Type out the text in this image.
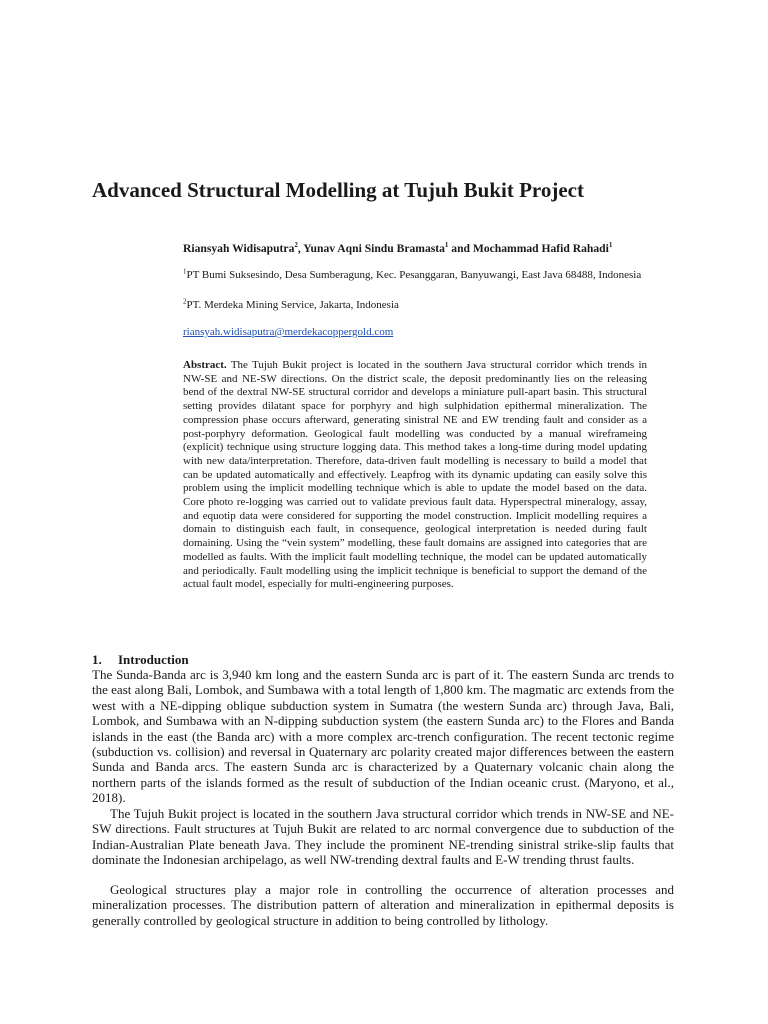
Advanced Structural Modelling at Tujuh Bukit Project
Riansyah Widisaputra$^2$, Yunav Aqni Sindu Bramasta$^1$ and Mochammad Hafid Rahadi$^1$
$^1$PT Bumi Suksesindo, Desa Sumberagung, Kec. Pesanggaran, Banyuwangi, East Java 68488, Indonesia
$^2$PT. Merdeka Mining Service, Jakarta, Indonesia
riansyah.widisaputra@merdekacoppergold.com

Abstract. The Tujuh Bukit project is located in the southern Java structural corridor which trends in NW-SE and NE-SW directions. On the district scale, the deposit predominantly lies on the releasing bend of the dextral NW-SE structural corridor and develops a miniature pull-apart basin. This structural setting provides dilatant space for porphyry and high sulphidation epithermal mineralization. The compression phase occurs afterward, generating sinistral NE and EW trending fault and consider as a post-porphyry deformation. Geological fault modelling was conducted by a manual wireframeing (explicit) technique using structure logging data. This method takes a long-time during model updating with new data/interpretation. Therefore, data-driven fault modelling is necessary to build a model that can be updated automatically and effectively. Leapfrog with its dynamic updating can easily solve this problem using the implicit modelling technique which is able to update the model based on the data. Core photo re-logging was carried out to validate previous fault data. Hyperspectral mineralogy, assay, and equotip data were considered for supporting the model construction. Implicit modelling requires a domain to distinguish each fault, in consequence, geological interpretation is needed during fault domaining. Using the “vein system” modelling, these fault domains are assigned into categories that are modelled as faults. With the implicit fault modelling technique, the model can be updated automatically and periodically. Fault modelling using the implicit technique is beneficial to support the demand of the actual fault model, especially for multi-engineering purposes.

1. Introduction

The Sunda-Banda arc is 3,940 km long and the eastern Sunda arc is part of it. The eastern Sunda arc trends to the east along Bali, Lombok, and Sumbawa with a total length of 1,800 km. The magmatic arc extends from the west with a NE-dipping oblique subduction system in Sumatra (the western Sunda arc) through Java, Bali, Lombok, and Sumbawa with an N-dipping subduction system (the eastern Sunda arc) to the Flores and Banda islands in the east (the Banda arc) with a more complex arc-trench configuration. The recent tectonic regime (subduction vs. collision) and reversal in Quaternary arc polarity created major differences between the eastern Sunda and Banda arcs. The eastern Sunda arc is characterized by a Quaternary volcanic chain along the northern parts of the islands formed as the result of subduction of the Indian oceanic crust. (Maryono, et al., 2018).

The Tujuh Bukit project is located in the southern Java structural corridor which trends in NW-SE and NE-SW directions. Fault structures at Tujuh Bukit are related to arc normal convergence due to subduction of the Indian-Australian Plate beneath Java. They include the prominent NE-trending sinistral strike-slip faults that dominate the Indonesian archipelago, as well NW-trending dextral faults and E-W trending thrust faults.

Geological structures play a major role in controlling the occurrence of alteration processes and mineralization processes. The distribution pattern of alteration and mineralization in epithermal deposits is generally controlled by geological structure in addition to being controlled by lithology.
